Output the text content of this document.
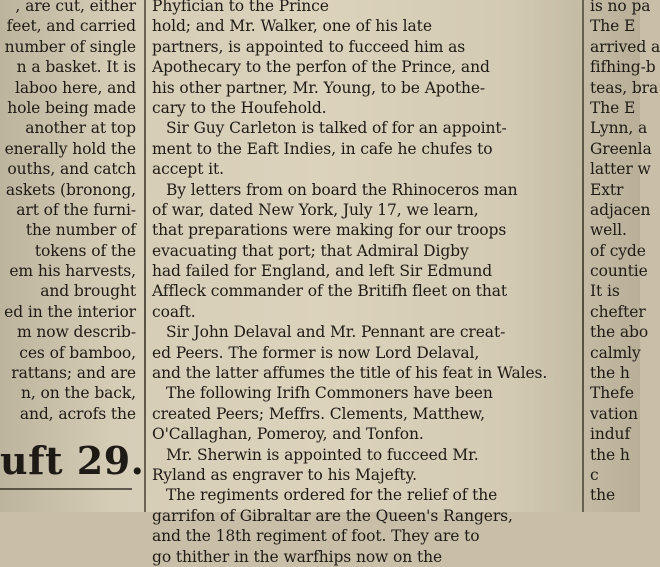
, are cut, either
feet, and carried
number of single
n a basket. It is
laboo here, and
hole being made
another at top
enerally hold the
ouths, and catch
askets (bronong,
art of the furni-
the number of
tokens of the
em his harvests,
and brought
ed in the interior
m now describ-
ces of bamboo,
rattans; and are
n, on the back,
and, acrofs the
uft 29.
Phyfician to the Prince
hold; and Mr. Walker, one of his late
partners, is appointed to fucceed him as
Apothecary to the perfon of the Prince, and
his other partner, Mr. Young, to be Apothe-
cary to the Houfehold.
Sir Guy Carleton is talked of for an appoint-
ment to the Eaft Indies, in cafe he chufes to
accept it.
By letters from on board the Rhinoceros man
of war, dated New York, July 17, we learn,
that preparations were making for our troops
evacuating that port; that Admiral Digby
had failed for England, and left Sir Edmund
Affleck commander of the Britifh fleet on that
coaft.
Sir John Delaval and Mr. Pennant are creat-
ed Peers. The former is now Lord Delaval,
and the latter affumes the title of his feat in Wales.
The following Irifh Commoners have been
created Peers; Meffrs. Clements, Matthew,
O'Callaghan, Pomeroy, and Tonfon.
Mr. Sherwin is appointed to fucceed Mr.
Ryland as engraver to his Majefty.
The regiments ordered for the relief of the
garrifon of Gibraltar are the Queen's Rangers,
and the 18th regiment of foot. They are to
go thither in the warfhips now on the
is no pa
The E
arrived a
fifhing-b
teas, bra
The E
Lynn, a
Greenla
latter w
Extr
adjacen
well.
of cyde
countie
It is
chefter
the abo
calmly
the h
Thefe
vation
induf
the h
c
the
